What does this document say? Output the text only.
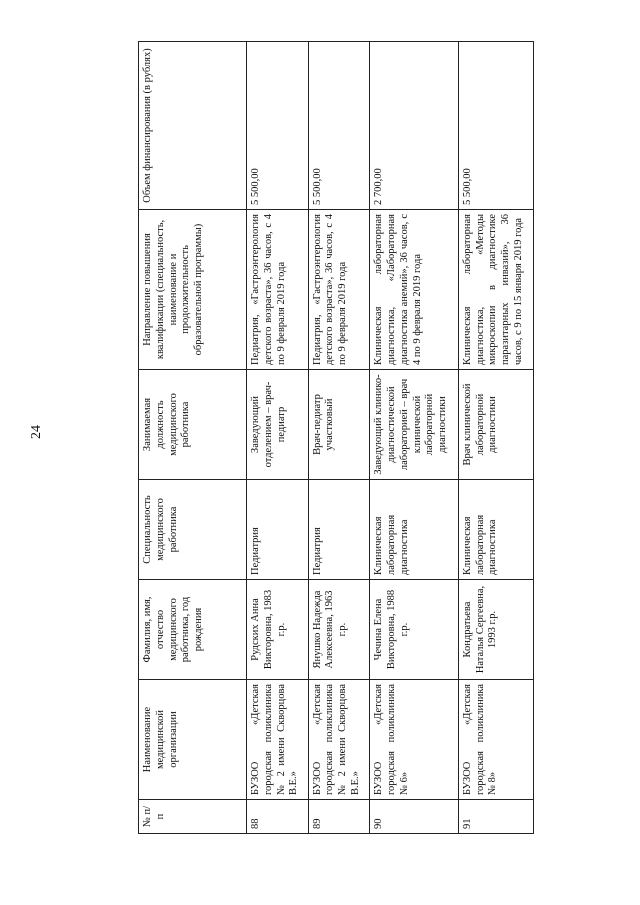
24
№ п/п	Наименование медицинской организации	Фамилия, имя, отчество медицинского работника, год рождения	Специальность медицинского работника	Занимаемая должность медицинского работника	Направление повышения квалификации (специальность, наименование и продолжительность образовательной программы)	Объем финансирования (в рублях)
88	БУЗОО «Детская городская поликлиника № 2 имени Скворцова В.Е.»	Рудских Анна Викторовна, 1983 г.р.	Педиатрия	Заведующий отделением – врач-педиатр	Педиатрия, «Гастроэнтерология детского возраста», 36 часов, с 4 по 9 февраля 2019 года	5 500,00
89	БУЗОО «Детская городская поликлиника № 2 имени Скворцова В.Е.»	Янушко Надежда Алексеевна, 1963 г.р.	Педиатрия	Врач-педиатр участковый	Педиатрия, «Гастроэнтерология детского возраста», 36 часов, с 4 по 9 февраля 2019 года	5 500,00
90	БУЗОО «Детская городская поликлиника № 6»	Чечина Елена Викторовна, 1988 г.р.	Клиническая лабораторная диагностика	Заведующий клинико-диагностической лабораторией – врач клинической лабораторной диагностики	Клиническая лабораторная диагностика, «Лабораторная диагностика анемий», 36 часов, с 4 по 9 февраля 2019 года	2 700,00
91	БУЗОО «Детская городская поликлиника № 8»	Кондратьева Наталья Сергеевна, 1993 г.р.	Клиническая лабораторная диагностика	Врач клинической лабораторной диагностики	Клиническая лабораторная диагностика, «Методы микроскопии в диагностике паразитарных инвазий», 36 часов, с 9 по 15 января 2019 года	5 500,00
